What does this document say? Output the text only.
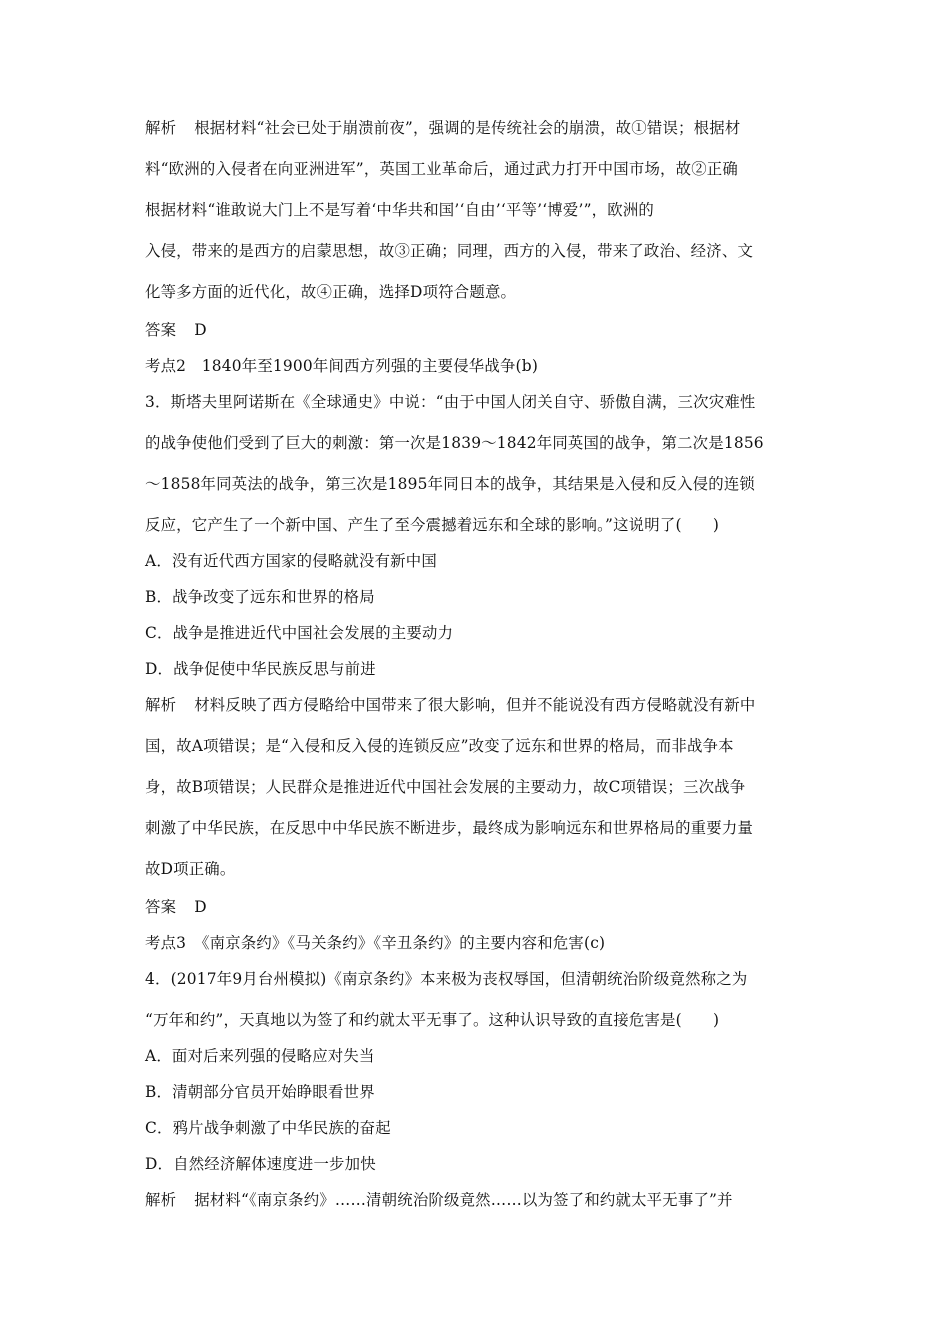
解析 根据材料“社会已处于崩溃前夜”，强调的是传统社会的崩溃，故①错误；根据材
料“欧洲的入侵者在向亚洲进军”，英国工业革命后，通过武力打开中国市场，故②正确
根据材料“谁敢说大门上不是写着‘中华共和国’‘自由’‘平等’‘博爱’”，欧洲的
入侵，带来的是西方的启蒙思想，故③正确；同理，西方的入侵，带来了政治、经济、文
化等多方面的近代化，故④正确，选择D项符合题意。
答案 D
考点2　1840年至1900年间西方列强的主要侵华战争(b)
3．斯塔夫里阿诺斯在《全球通史》中说：“由于中国人闭关自守、骄傲自满，三次灾难性
的战争使他们受到了巨大的刺激：第一次是1839～1842年同英国的战争，第二次是1856
～1858年同英法的战争，第三次是1895年同日本的战争，其结果是入侵和反入侵的连锁
反应，它产生了一个新中国、产生了至今震撼着远东和全球的影响。”这说明了(　　)
A．没有近代西方国家的侵略就没有新中国
B．战争改变了远东和世界的格局
C．战争是推进近代中国社会发展的主要动力
D．战争促使中华民族反思与前进
解析 材料反映了西方侵略给中国带来了很大影响，但并不能说没有西方侵略就没有新中
国，故A项错误；是“入侵和反入侵的连锁反应”改变了远东和世界的格局，而非战争本
身，故B项错误；人民群众是推进近代中国社会发展的主要动力，故C项错误；三次战争
刺激了中华民族，在反思中中华民族不断进步，最终成为影响远东和世界格局的重要力量
故D项正确。
答案 D
考点3　《南京条约》《马关条约》《辛丑条约》的主要内容和危害(c)
4．(2017年9月台州模拟)《南京条约》本来极为丧权辱国，但清朝统治阶级竟然称之为
“万年和约”，天真地以为签了和约就太平无事了。这种认识导致的直接危害是(　　)
A．面对后来列强的侵略应对失当
B．清朝部分官员开始睁眼看世界
C．鸦片战争刺激了中华民族的奋起
D．自然经济解体速度进一步加快
解析 据材料“《南京条约》……清朝统治阶级竟然……以为签了和约就太平无事了”并
